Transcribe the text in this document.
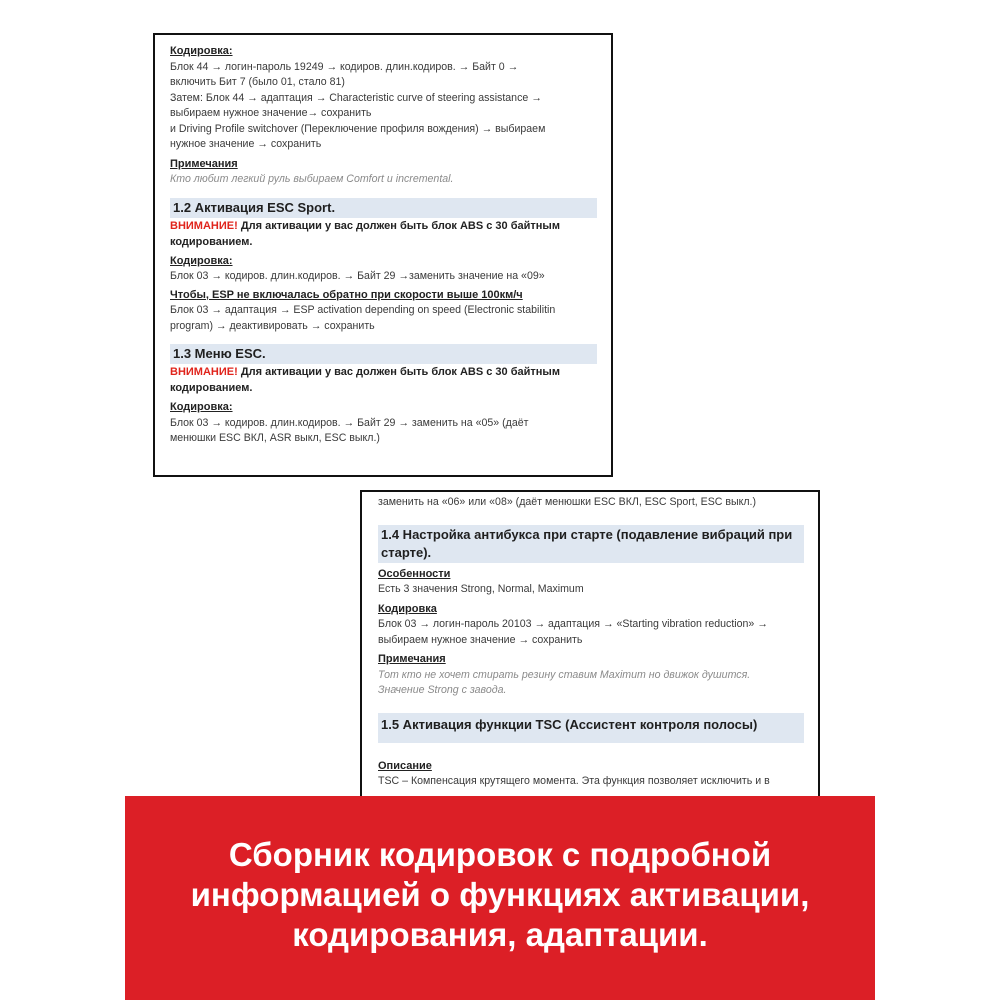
Кодировка:
Блок 44 → логин-пароль 19249 → кодиров. длин.кодиров. → Байт 0 →
включить Бит 7 (было 01, стало 81)
Затем: Блок 44 → адаптация → Characteristic curve of steering assistance →
выбираем нужное значение→ сохранить
и Driving Profile switchover (Переключение профиля вождения) → выбираем
нужное значение → сохранить
Примечания
Кто любит легкий руль выбираем Comfort и incremental.
1.2 Активация ESC Sport.
ВНИМАНИЕ! Для активации у вас должен быть блок ABS с 30 байтным кодированием.
Кодировка:
Блок 03 → кодиров. длин.кодиров. → Байт 29 →заменить значение на «09»
Чтобы, ESP не включалась обратно при скорости выше 100км/ч
Блок 03 → адаптация → ESP activation depending on speed (Electronic stabilitin
program) → деактивировать → сохранить
1.3 Меню ESC.
ВНИМАНИЕ! Для активации у вас должен быть блок ABS с 30 байтным кодированием.
Кодировка:
Блок 03 → кодиров. длин.кодиров. → Байт 29 → заменить на «05» (даёт
менюшки ESC ВКЛ, ASR выкл, ESC выкл.)
заменить на «06» или «08» (даёт менюшки ESC ВКЛ, ESC Sport, ESC выкл.)
1.4 Настройка антибукса при старте (подавление вибраций при старте).
Особенности
Есть 3 значения Strong, Normal, Maximum
Кодировка
Блок 03 → логин-пароль 20103 → адаптация → «Starting vibration reduction» →
выбираем нужное значение → сохранить
Примечания
Тот кто не хочет стирать резину ставим Maximum но движок душится.
Значение Strong с завода.
1.5 Активация функции TSC (Ассистент контроля полосы)
Описание
TSC – Компенсация крутящего момента. Эта функция позволяет исключить и в
Сборник кодировок с подробной
информацией о функциях активации,
кодирования, адаптации.
